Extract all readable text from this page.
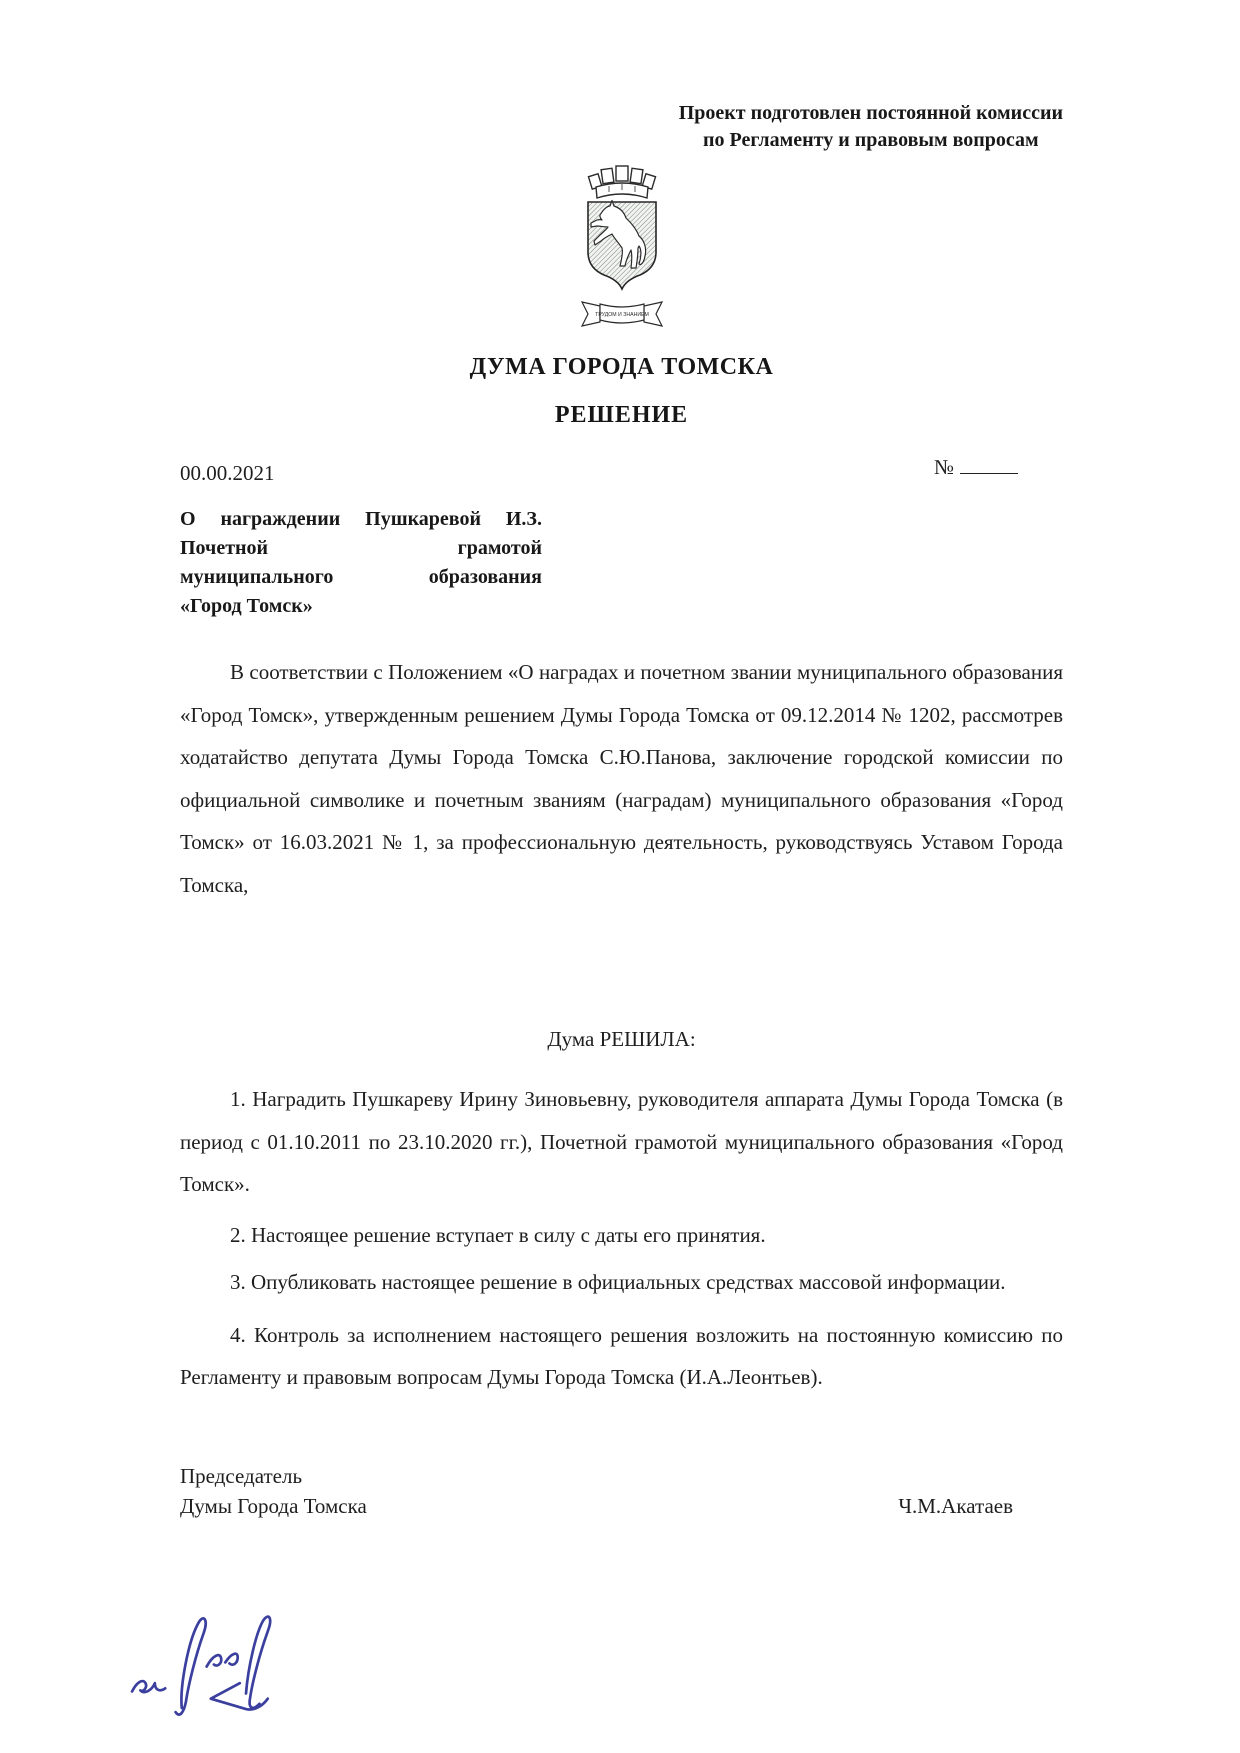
Проект подготовлен постоянной комиссии
по Регламенту и правовым вопросам
ТРУДОМ И ЗНАНИЕМ
ДУМА ГОРОДА ТОМСКА
РЕШЕНИЕ
00.00.2021	№
О награждении Пушкаревой И.З.
Почетной грамотой
муниципального образования
«Город Томск»

В соответствии с Положением «О наградах и почетном звании муниципального образования «Город Томск», утвержденным решением Думы Города Томска от 09.12.2014 № 1202, рассмотрев ходатайство депутата Думы Города Томска С.Ю.Панова, заключение городской комиссии по официальной символике и почетным званиям (наградам) муниципального образования «Город Томск» от 16.03.2021 № 1, за профессиональную деятельность, руководствуясь Уставом Города Томска,

Дума РЕШИЛА:

1. Наградить Пушкареву Ирину Зиновьевну, руководителя аппарата Думы Города Томска (в период с 01.10.2011 по 23.10.2020 гг.), Почетной грамотой муниципального образования «Город Томск».

2. Настоящее решение вступает в силу с даты его принятия.

3. Опубликовать настоящее решение в официальных средствах массовой информации.

4. Контроль за исполнением настоящего решения возложить на постоянную комиссию по Регламенту и правовым вопросам Думы Города Томска (И.А.Леонтьев).

Председатель
Думы Города Томска	Ч.М.Акатаев
